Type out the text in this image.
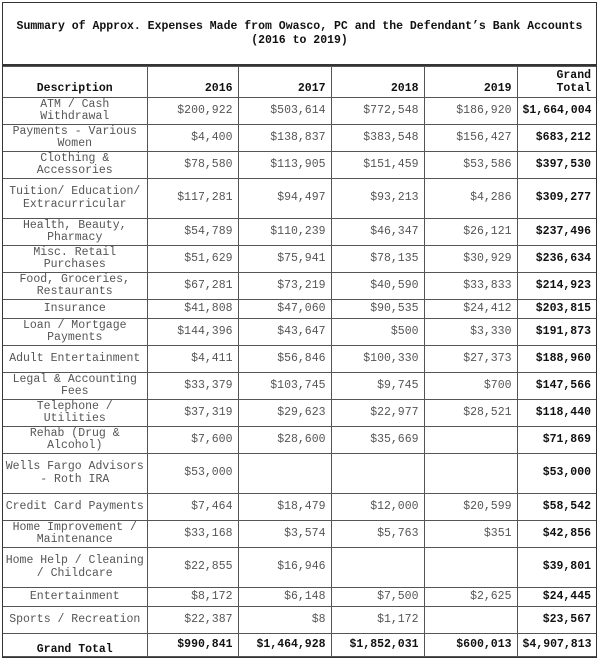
Summary of Approx. Expenses Made from Owasco, PC and the Defendant’s Bank Accounts
(2016 to 2019)
Description	2016	2017	2018	2019	Grand Total
ATM / Cash Withdrawal	$200,922	$503,614	$772,548	$186,920	$1,664,004
Payments - Various Women	$4,400	$138,837	$383,548	$156,427	$683,212
Clothing & Accessories	$78,580	$113,905	$151,459	$53,586	$397,530
Tuition/ Education/ Extracurricular	$117,281	$94,497	$93,213	$4,286	$309,277
Health, Beauty, Pharmacy	$54,789	$110,239	$46,347	$26,121	$237,496
Misc. Retail Purchases	$51,629	$75,941	$78,135	$30,929	$236,634
Food, Groceries, Restaurants	$67,281	$73,219	$40,590	$33,833	$214,923
Insurance	$41,808	$47,060	$90,535	$24,412	$203,815
Loan / Mortgage Payments	$144,396	$43,647	$500	$3,330	$191,873
Adult Entertainment	$4,411	$56,846	$100,330	$27,373	$188,960
Legal & Accounting Fees	$33,379	$103,745	$9,745	$700	$147,566
Telephone / Utilities	$37,319	$29,623	$22,977	$28,521	$118,440
Rehab (Drug & Alcohol)	$7,600	$28,600	$35,669		$71,869
Wells Fargo Advisors - Roth IRA	$53,000				$53,000
Credit Card Payments	$7,464	$18,479	$12,000	$20,599	$58,542
Home Improvement / Maintenance	$33,168	$3,574	$5,763	$351	$42,856
Home Help / Cleaning / Childcare	$22,855	$16,946			$39,801
Entertainment	$8,172	$6,148	$7,500	$2,625	$24,445
Sports / Recreation	$22,387	$8	$1,172		$23,567
Grand Total	$990,841	$1,464,928	$1,852,031	$600,013	$4,907,813
